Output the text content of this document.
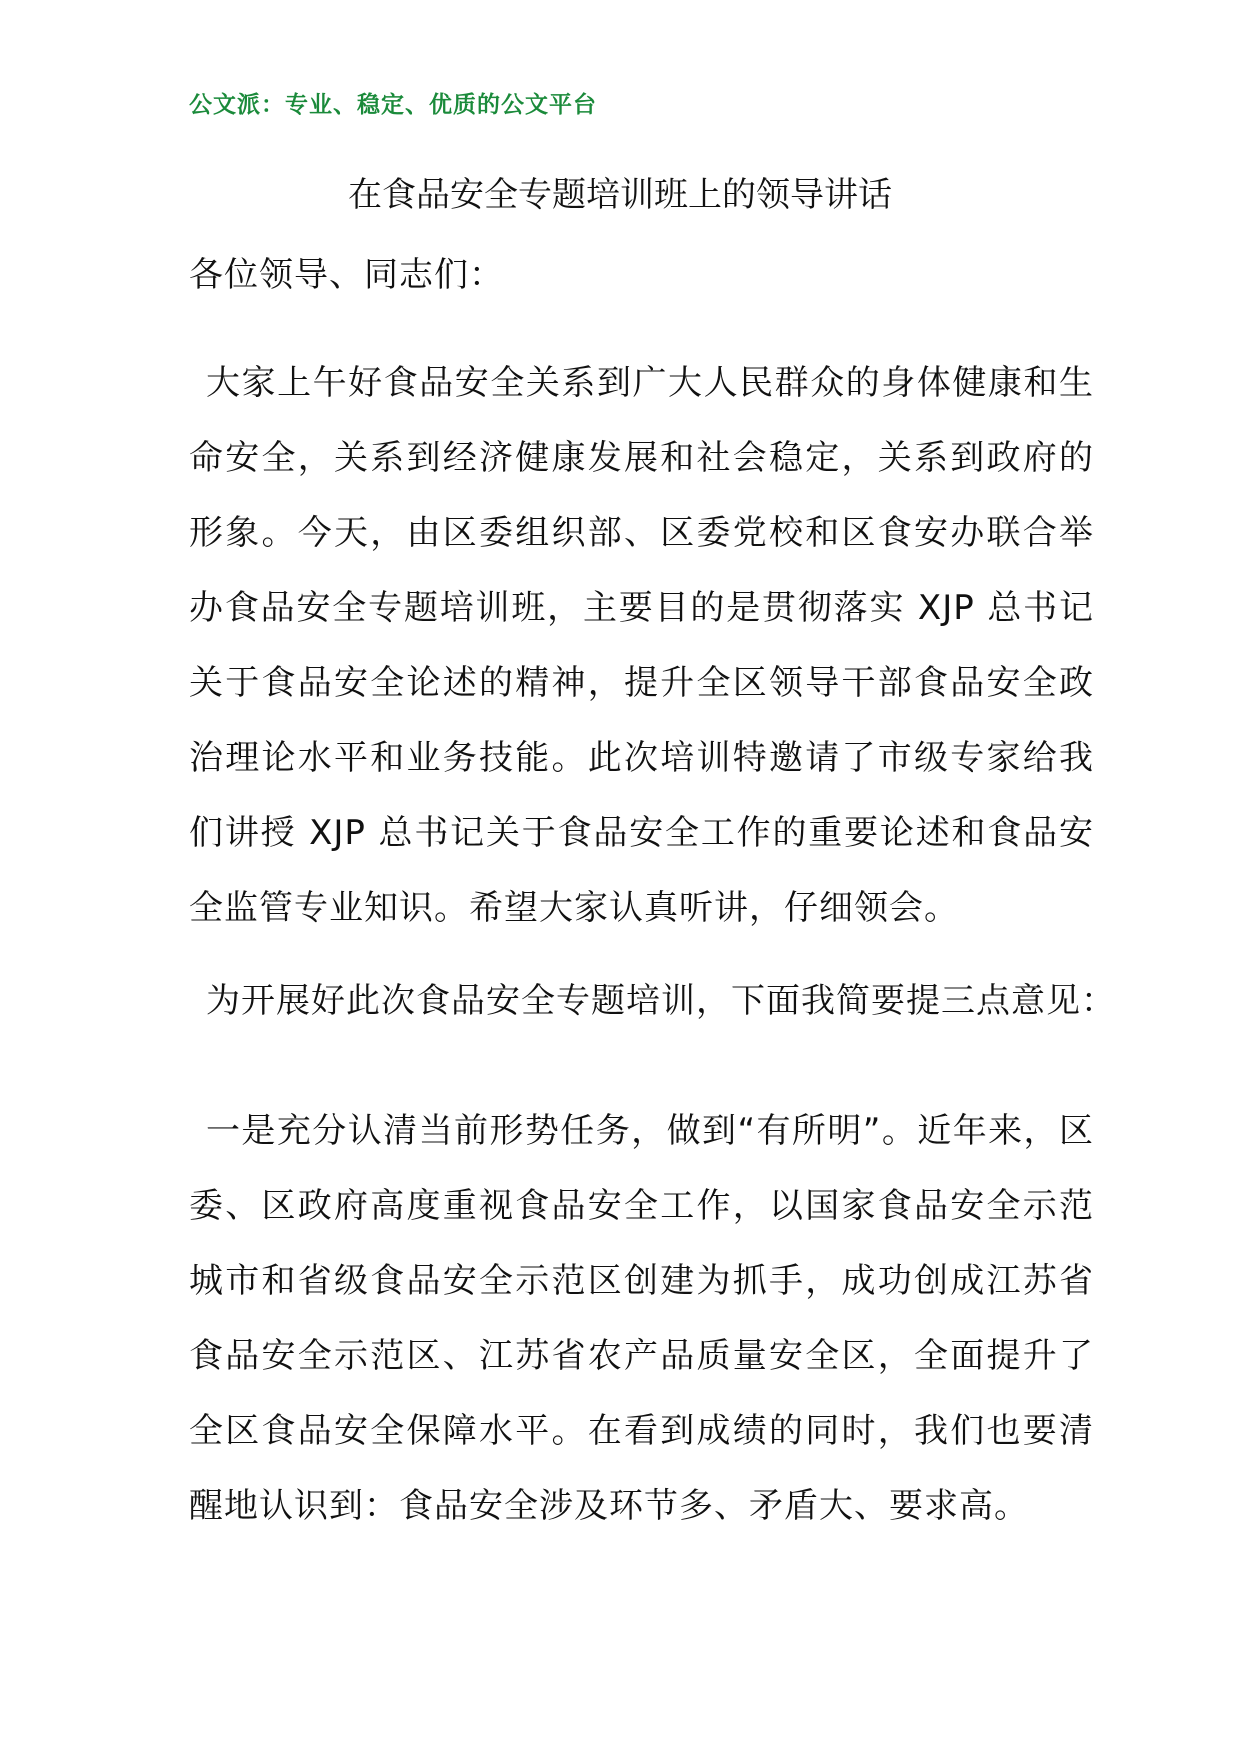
公文派：专业、稳定、优质的公文平台
在食品安全专题培训班上的领导讲话
各位领导、同志们：
大家上午好食品安全关系到广大人民群众的身体健康和生命安全，关系到经济健康发展和社会稳定，关系到政府的形象。今天，由区委组织部、区委党校和区食安办联合举办食品安全专题培训班，主要目的是贯彻落实 XJP 总书记关于食品安全论述的精神，提升全区领导干部食品安全政治理论水平和业务技能。此次培训特邀请了市级专家给我们讲授 XJP 总书记关于食品安全工作的重要论述和食品安全监管专业知识。希望大家认真听讲，仔细领会。
为开展好此次食品安全专题培训，下面我简要提三点意见：
一是充分认清当前形势任务，做到“有所明”。近年来，区委、区政府高度重视食品安全工作，以国家食品安全示范城市和省级食品安全示范区创建为抓手，成功创成江苏省食品安全示范区、江苏省农产品质量安全区，全面提升了全区食品安全保障水平。在看到成绩的同时，我们也要清醒地认识到：食品安全涉及环节多、矛盾大、要求高。
